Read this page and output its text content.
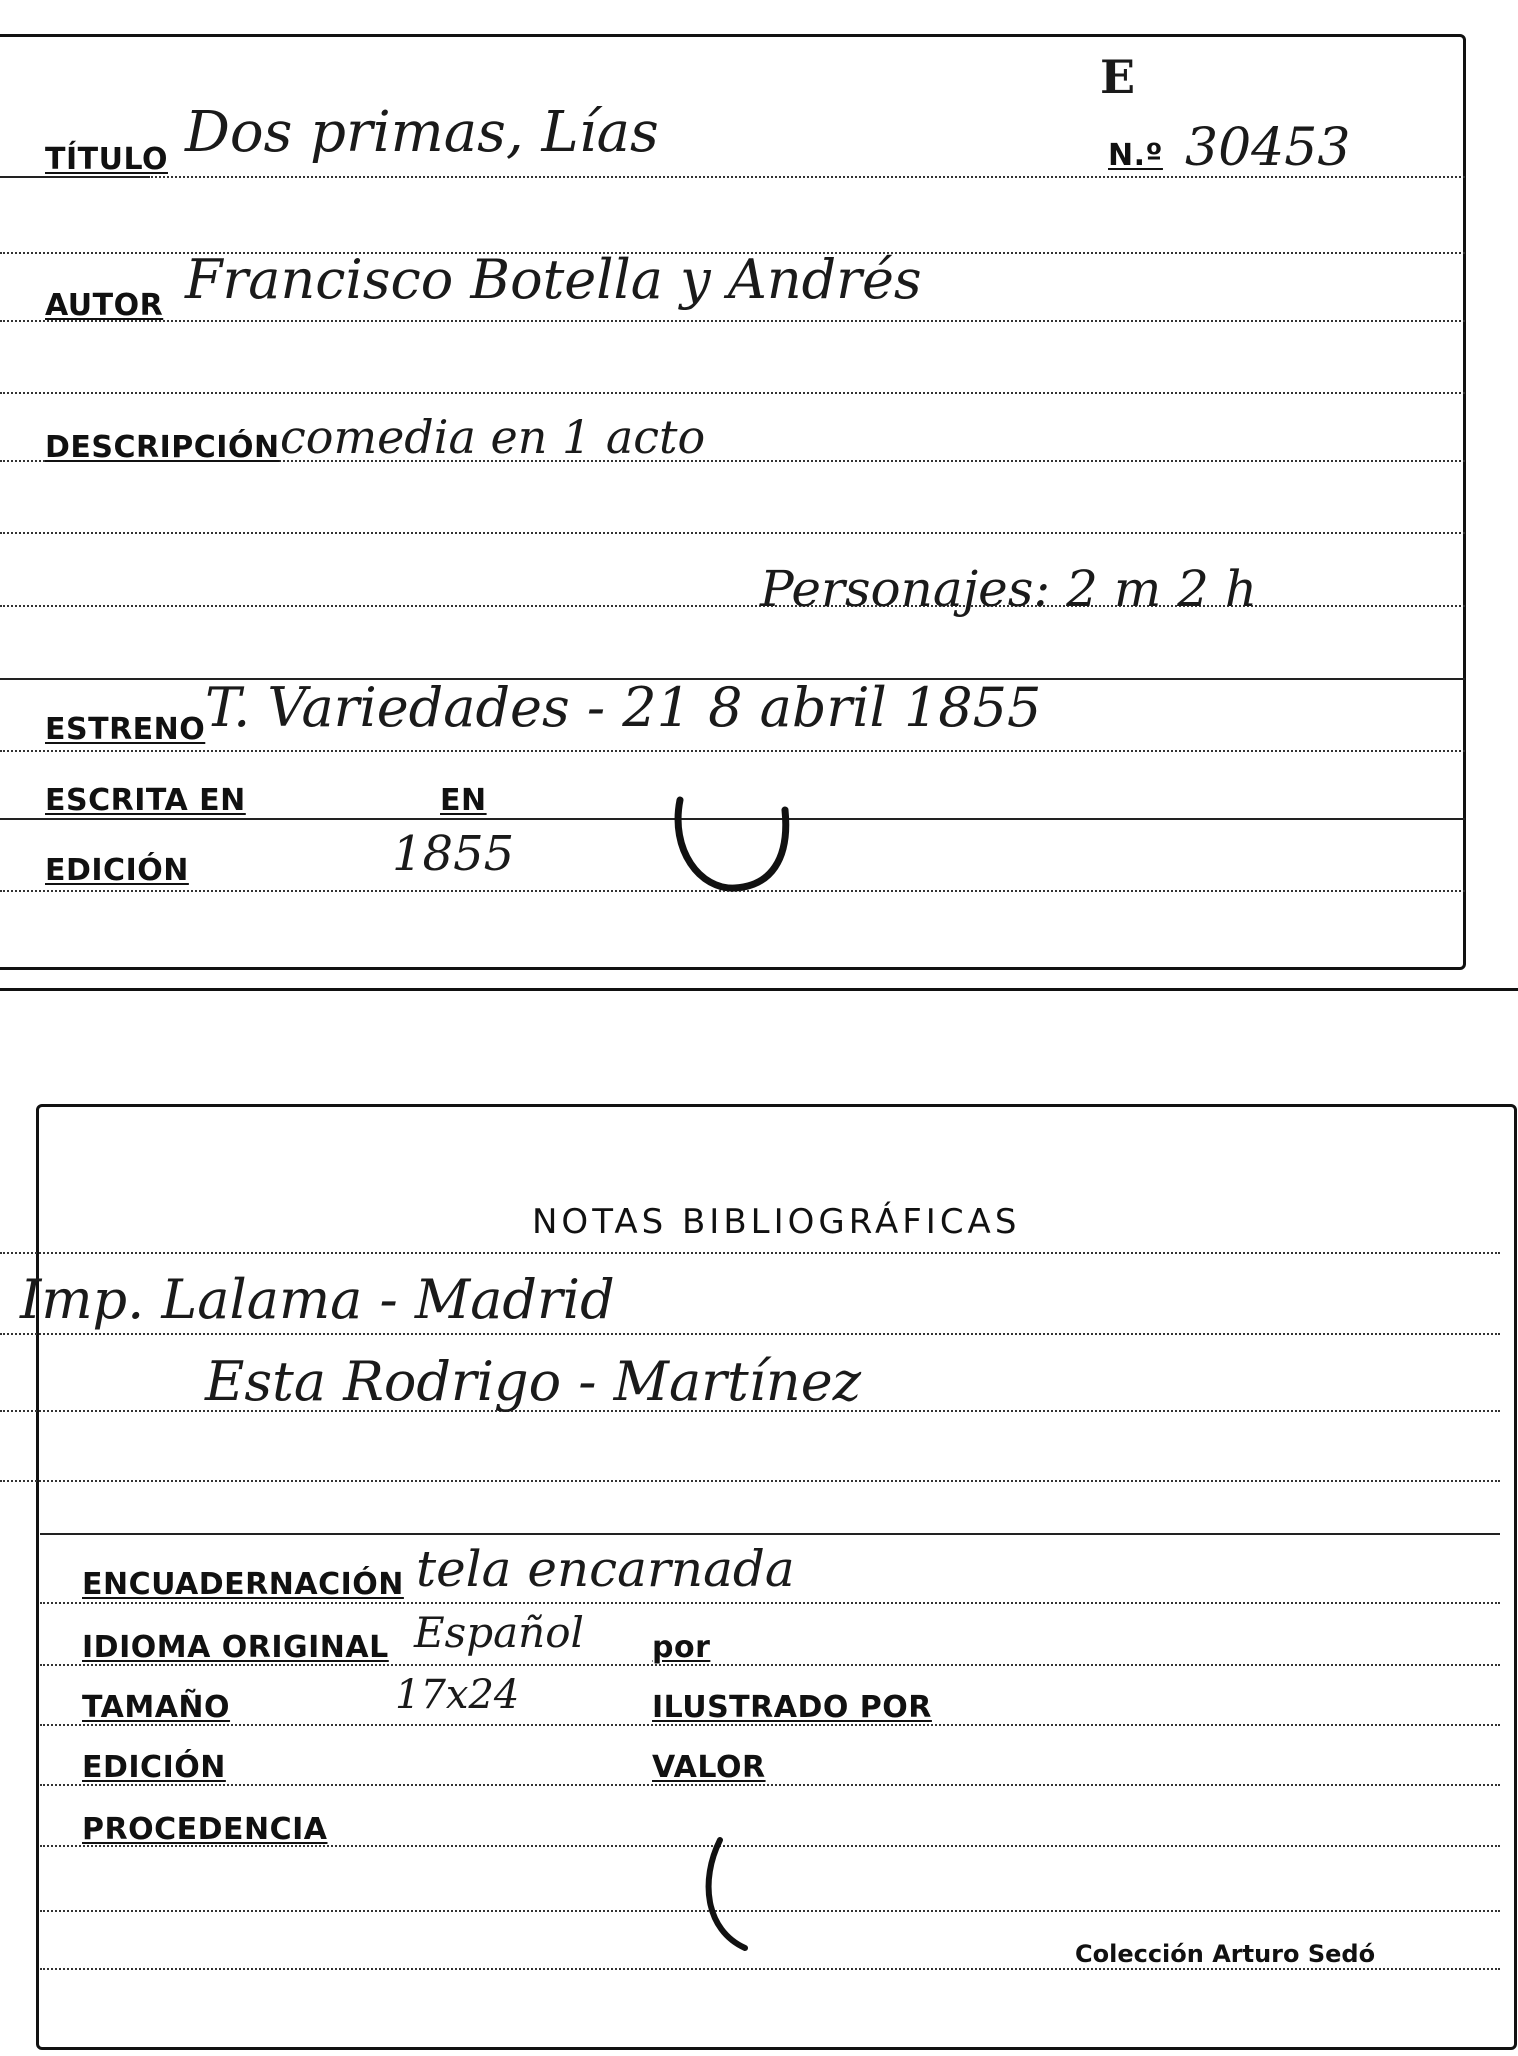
E
TÍTULO Dos primas, Lías	N.º 30453
AUTOR Francisco Botella y Andrés
DESCRIPCIÓN comedia en 1 acto
Personajes: 2 m 2 h
ESTRENO T. Variedades - 21 8 abril 1855
ESCRITA EN	EN
EDICIÓN	1855
NOTAS BIBLIOGRÁFICAS
Imp. Lalama - Madrid
Esta Rodrigo - Martínez
ENCUADERNACIÓN tela encarnada
IDIOMA ORIGINAL Español por
TAMAÑO	17x24	ILUSTRADO POR
EDICIÓN	VALOR
PROCEDENCIA
Colección Arturo Sedó
